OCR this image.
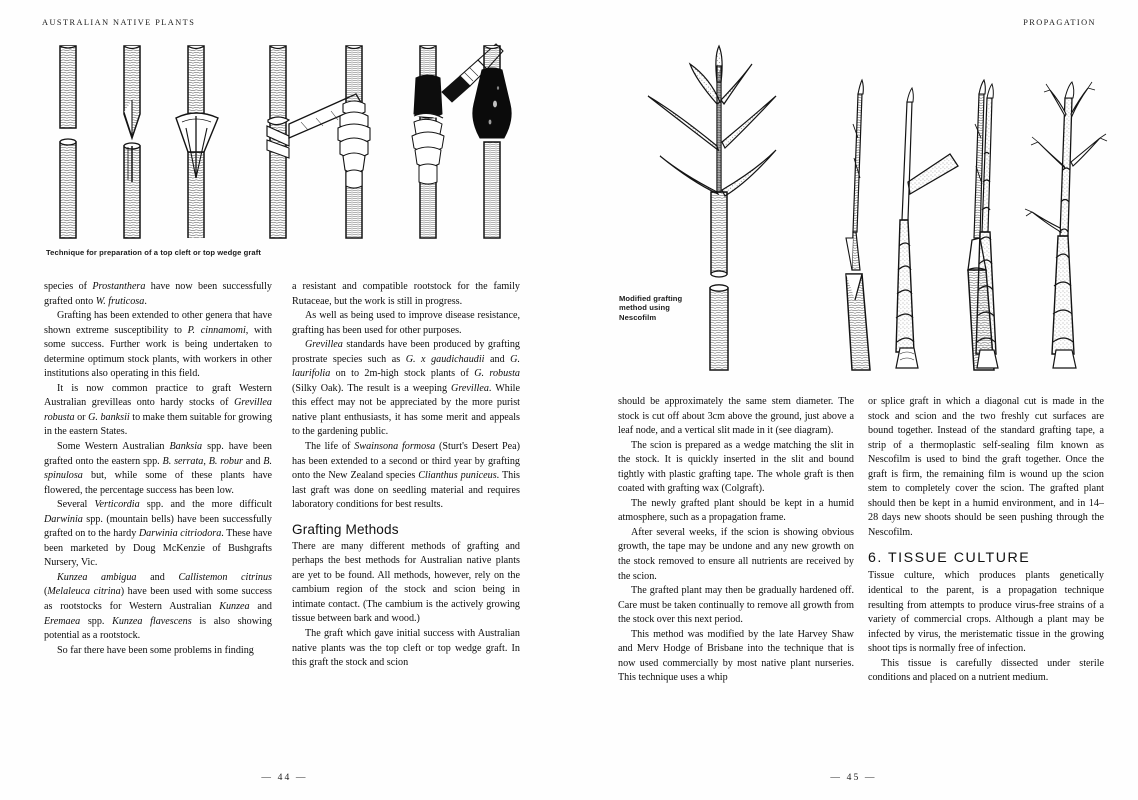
AUSTRALIAN NATIVE PLANTS
Technique for preparation of a top cleft or top wedge graft

species of Prostanthera have now been successfully grafted onto W. fruticosa.

Grafting has been extended to other genera that have shown extreme susceptibility to P. cinnamomi, with some success. Further work is being undertaken to determine optimum stock plants, with workers in other institutions also operating in this field.

It is now common practice to graft Western Australian grevilleas onto hardy stocks of Grevillea robusta or G. banksii to make them suitable for growing in the eastern States.

Some Western Australian Banksia spp. have been grafted onto the eastern spp. B. serrata, B. robur and B. spinulosa but, while some of these plants have flowered, the percentage success has been low.

Several Verticordia spp. and the more difficult Darwinia spp. (mountain bells) have been successfully grafted on to the hardy Darwinia citriodora. These have been marketed by Doug McKenzie of Bushgrafts Nursery, Vic.

Kunzea ambigua and Callistemon citrinus (Melaleuca citrina) have been used with some success as rootstocks for Western Australian Kunzea and Eremaea spp. Kunzea flavescens is also showing potential as a rootstock.

So far there have been some problems in finding

a resistant and compatible rootstock for the family Rutaceae, but the work is still in progress.

As well as being used to improve disease resistance, grafting has been used for other purposes.

Grevillea standards have been produced by grafting prostrate species such as G. x gaudichaudii and G. laurifolia on to 2m-high stock plants of G. robusta (Silky Oak). The result is a weeping Grevillea. While this effect may not be appreciated by the more purist native plant enthusiasts, it has some merit and appeals to the gardening public.

The life of Swainsona formosa (Sturt's Desert Pea) has been extended to a second or third year by grafting onto the New Zealand species Clianthus puniceus. This last graft was done on seedling material and requires laboratory conditions for best results.

Grafting Methods

There are many different methods of grafting and perhaps the best methods for Australian native plants are yet to be found. All methods, however, rely on the cambium region of the stock and scion being in intimate contact. (The cambium is the actively growing tissue between bark and wood.)

The graft which gave initial success with Australian native plants was the top cleft or top wedge graft. In this graft the stock and scion

— 44 —
PROPAGATION
Modified grafting
method using
Nescofilm

should be approximately the same stem diameter. The stock is cut off about 3cm above the ground, just above a leaf node, and a vertical slit made in it (see diagram).

The scion is prepared as a wedge matching the slit in the stock. It is quickly inserted in the slit and bound tightly with plastic grafting tape. The whole graft is then coated with grafting wax (Colgraft).

The newly grafted plant should be kept in a humid atmosphere, such as a propagation frame.

After several weeks, if the scion is showing obvious growth, the tape may be undone and any new growth on the stock removed to ensure all nutrients are received by the scion.

The grafted plant may then be gradually hardened off. Care must be taken continually to remove all growth from the stock over this next period.

This method was modified by the late Harvey Shaw and Merv Hodge of Brisbane into the technique that is now used commercially by most native plant nurseries. This technique uses a whip

or splice graft in which a diagonal cut is made in the stock and scion and the two freshly cut surfaces are bound together. Instead of the standard grafting tape, a strip of a thermoplastic self-sealing film known as Nescofilm is used to bind the graft together. Once the graft is firm, the remaining film is wound up the scion stem to completely cover the scion. The grafted plant should then be kept in a humid environment, and in 14–28 days new shoots should be seen pushing through the Nescofilm.

6. TISSUE CULTURE

Tissue culture, which produces plants genetically identical to the parent, is a propagation technique resulting from attempts to produce virus-free strains of a variety of commercial crops. Although a plant may be infected by virus, the meristematic tissue in the growing shoot tips is normally free of infection.

This tissue is carefully dissected under sterile conditions and placed on a nutrient medium.

— 45 —
